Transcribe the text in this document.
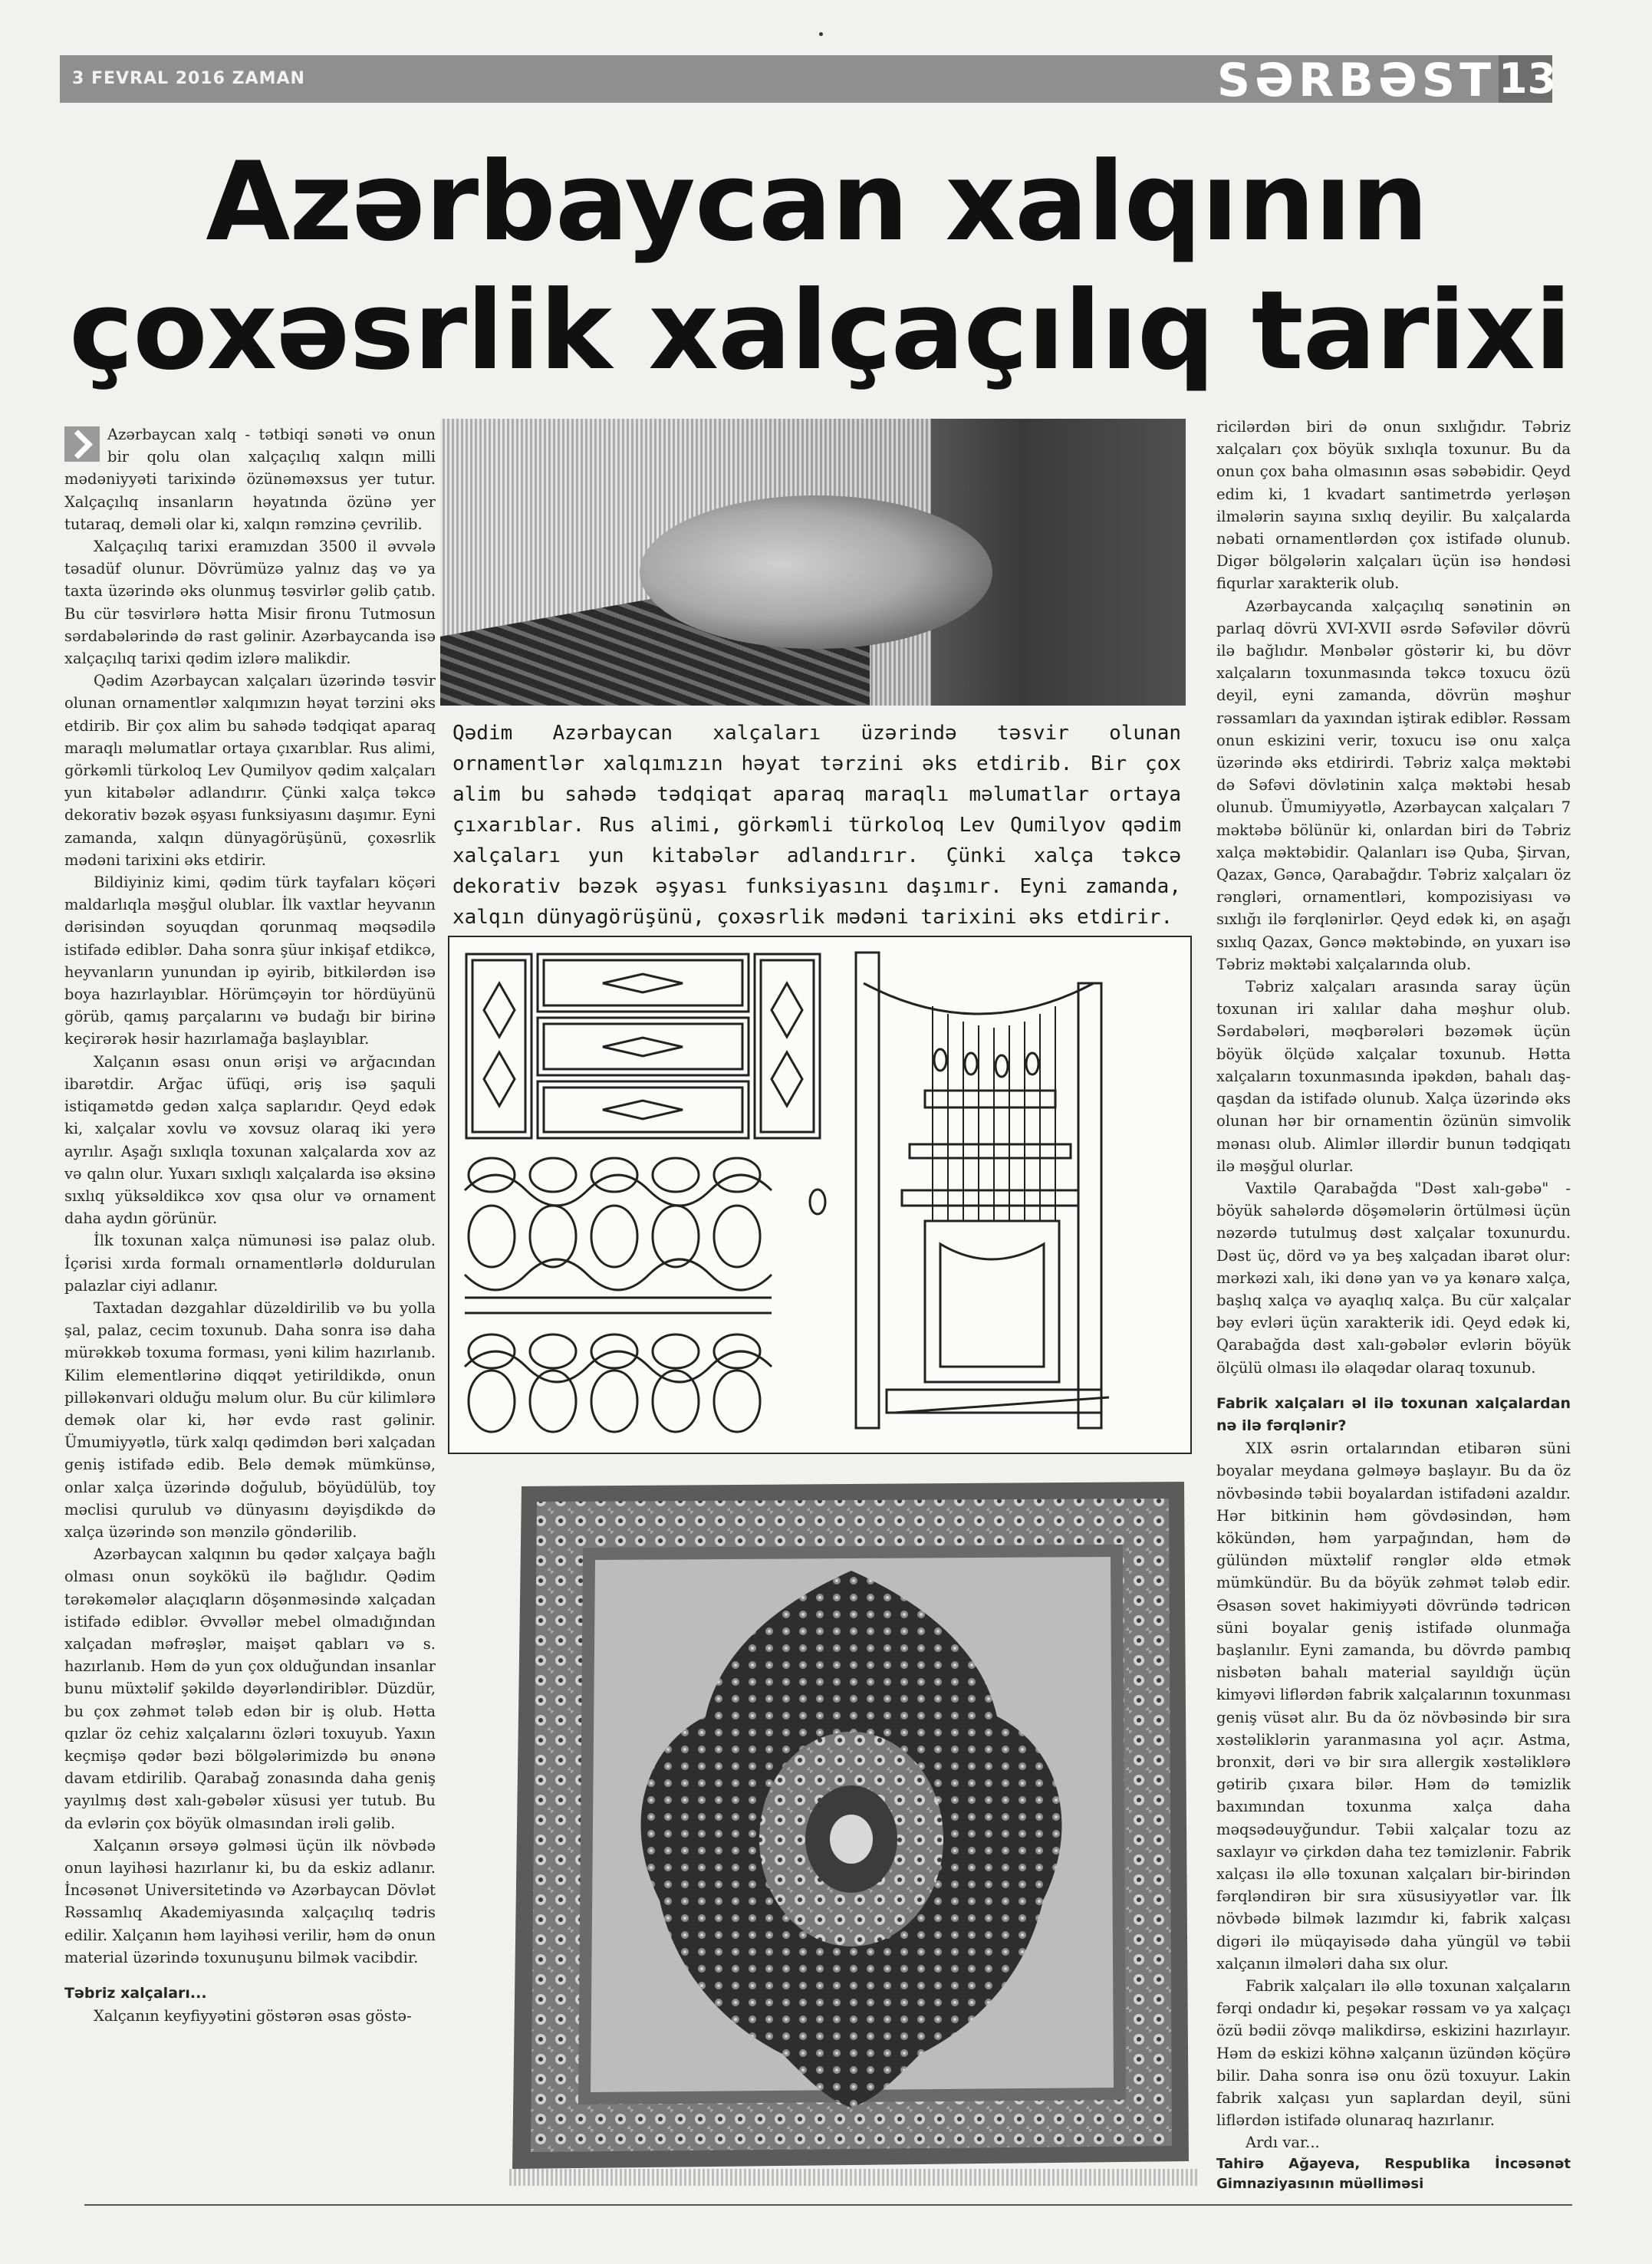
3 FEVRAL 2016 ZAMAN	SƏRBƏST 13
Azərbaycan xalqının
çoxəsrlik xalçaçılıq tarixi

Azərbaycan xalq - tətbiqi sənəti və onun bir qolu olan xalçaçılıq xalqın milli mədəniyyəti tarixində özünəməxsus yer tutur. Xalçaçılıq insanların həyatında özünə yer tutaraq, deməli olar ki, xalqın rəmzinə çevrilib.

Xalçaçılıq tarixi eramızdan 3500 il əvvələ təsadüf olunur. Dövrümüzə yalnız daş və ya taxta üzərində əks olunmuş təsvirlər gəlib çatıb. Bu cür təsvirlərə hətta Misir fironu Tutmosun sərdabələrində də rast gəlinir. Azərbaycanda isə xalçaçılıq tarixi qədim izlərə malikdir.

Qədim Azərbaycan xalçaları üzərində təsvir olunan ornamentlər xalqımızın həyat tərzini əks etdirib. Bir çox alim bu sahədə tədqiqat aparaq maraqlı məlumatlar ortaya çıxarıblar. Rus alimi, görkəmli türkoloq Lev Qumilyov qədim xalçaları yun kitabələr adlandırır. Çünki xalça təkcə dekorativ bəzək əşyası funksiyasını daşımır. Eyni zamanda, xalqın dünyagörüşünü, çoxəsrlik mədəni tarixini əks etdirir.

Bildiyiniz kimi, qədim türk tayfaları köçəri maldarlıqla məşğul olublar. İlk vaxtlar heyvanın dərisindən soyuqdan qorunmaq məqsədilə istifadə ediblər. Daha sonra şüur inkişaf etdikcə, heyvanların yunundan ip əyirib, bitkilərdən isə boya hazırlayıblar. Hörümçəyin tor hördüyünü görüb, qamış parçalarını və budağı bir birinə keçirərək həsir hazırlamağa başlayıblar.

Xalçanın əsası onun ərişi və arğacından ibarətdir. Arğac üfüqi, əriş isə şaquli istiqamətdə gedən xalça saplarıdır. Qeyd edək ki, xalçalar xovlu və xovsuz olaraq iki yerə ayrılır. Aşağı sıxlıqla toxunan xalçalarda xov az və qalın olur. Yuxarı sıxlıqlı xalçalarda isə əksinə sıxlıq yüksəldikcə xov qısa olur və ornament daha aydın görünür.

İlk toxunan xalça nümunəsi isə palaz olub. İçərisi xırda formalı ornamentlərlə doldurulan palazlar ciyi adlanır.

Taxtadan dəzgahlar düzəldirilib və bu yolla şal, palaz, cecim toxunub. Daha sonra isə daha mürəkkəb toxuma forması, yəni kilim hazırlanıb. Kilim elementlərinə diqqət yetirildikdə, onun pilləkənvari olduğu məlum olur. Bu cür kilimlərə demək olar ki, hər evdə rast gəlinir. Ümumiyyətlə, türk xalqı qədimdən bəri xalçadan geniş istifadə edib. Belə demək mümkünsə, onlar xalça üzərində doğulub, böyüdülüb, toy məclisi qurulub və dünyasını dəyişdikdə də xalça üzərində son mənzilə göndərilib.

Azərbaycan xalqının bu qədər xalçaya bağlı olması onun soykökü ilə bağlıdır. Qədim tərəkəmələr alaçıqların döşənməsində xalçadan istifadə ediblər. Əvvəllər mebel olmadığından xalçadan məfrəşlər, maişət qabları və s. hazırlanıb. Həm də yun çox olduğundan insanlar bunu müxtəlif şəkildə dəyərləndiriblər. Düzdür, bu çox zəhmət tələb edən bir iş olub. Hətta qızlar öz cehiz xalçalarını özləri toxuyub. Yaxın keçmişə qədər bəzi bölgələrimizdə bu ənənə davam etdirilib. Qarabağ zonasında daha geniş yayılmış dəst xalı-gəbələr xüsusi yer tutub. Bu da evlərin çox böyük olmasından irəli gəlib.

Xalçanın ərsəyə gəlməsi üçün ilk növbədə onun layihəsi hazırlanır ki, bu da eskiz adlanır. İncəsənət Universitetində və Azərbaycan Dövlət Rəssamlıq Akademiyasında xalçaçılıq tədris edilir. Xalçanın həm layihəsi verilir, həm də onun material üzərində toxunuşunu bilmək vacibdir.

Təbriz xalçaları...

Xalçanın keyfiyyətini göstərən əsas göstə-

Qədim Azərbaycan xalçaları üzərində təsvir olunan ornamentlər xalqımızın həyat tərzini əks etdirib. Bir çox alim bu sahədə tədqiqat aparaq maraqlı məlumatlar ortaya çıxarıblar. Rus alimi, görkəmli türkoloq Lev Qumilyov qədim xalçaları yun kitabələr adlandırır. Çünki xalça təkcə dekorativ bəzək əşyası funksiyasını daşımır. Eyni zamanda, xalqın dünyagörüşünü, çoxəsrlik mədəni tarixini əks etdirir.

ricilərdən biri də onun sıxlığıdır. Təbriz xalçaları çox böyük sıxlıqla toxunur. Bu da onun çox baha olmasının əsas səbəbidir. Qeyd edim ki, 1 kvadart santimetrdə yerləşən ilmələrin sayına sıxlıq deyilir. Bu xalçalarda nəbati ornamentlərdən çox istifadə olunub. Digər bölgələrin xalçaları üçün isə həndəsi fiqurlar xarakterik olub.

Azərbaycanda xalçaçılıq sənətinin ən parlaq dövrü XVI-XVII əsrdə Səfəvilər dövrü ilə bağlıdır. Mənbələr göstərir ki, bu dövr xalçaların toxunmasında təkcə toxucu özü deyil, eyni zamanda, dövrün məşhur rəssamları da yaxından iştirak ediblər. Rəssam onun eskizini verir, toxucu isə onu xalça üzərində əks etdirirdi. Təbriz xalça məktəbi də Səfəvi dövlətinin xalça məktəbi hesab olunub. Ümumiyyətlə, Azərbaycan xalçaları 7 məktəbə bölünür ki, onlardan biri də Təbriz xalça məktəbidir. Qalanları isə Quba, Şirvan, Qazax, Gəncə, Qarabağdır. Təbriz xalçaları öz rəngləri, ornamentləri, kompozisiyası və sıxlığı ilə fərqlənirlər. Qeyd edək ki, ən aşağı sıxlıq Qazax, Gəncə məktəbində, ən yuxarı isə Təbriz məktəbi xalçalarında olub.

Təbriz xalçaları arasında saray üçün toxunan iri xalılar daha məşhur olub. Sərdabələri, məqbərələri bəzəmək üçün böyük ölçüdə xalçalar toxunub. Hətta xalçaların toxunmasında ipəkdən, bahalı daş-qaşdan da istifadə olunub. Xalça üzərində əks olunan hər bir ornamentin özünün simvolik mənası olub. Alimlər illərdir bunun tədqiqatı ilə məşğul olurlar.

Vaxtilə Qarabağda "Dəst xalı-gəbə" - böyük sahələrdə döşəmələrin örtülməsi üçün nəzərdə tutulmuş dəst xalçalar toxunurdu. Dəst üç, dörd və ya beş xalçadan ibarət olur: mərkəzi xalı, iki dənə yan və ya kənarə xalça, başlıq xalça və ayaqlıq xalça. Bu cür xalçalar bəy evləri üçün xarakterik idi. Qeyd edək ki, Qarabağda dəst xalı-gəbələr evlərin böyük ölçülü olması ilə əlaqədar olaraq toxunub.

Fabrik xalçaları əl ilə toxunan xalçalardan nə ilə fərqlənir?

XIX əsrin ortalarından etibarən süni boyalar meydana gəlməyə başlayır. Bu da öz növbəsində təbii boyalardan istifadəni azaldır. Hər bitkinin həm gövdəsindən, həm kökündən, həm yarpağından, həm də gülündən müxtəlif rənglər əldə etmək mümkündür. Bu da böyük zəhmət tələb edir. Əsasən sovet hakimiyyəti dövründə tədricən süni boyalar geniş istifadə olunmağa başlanılır. Eyni zamanda, bu dövrdə pambıq nisbətən bahalı material sayıldığı üçün kimyəvi liflərdən fabrik xalçalarının toxunması geniş vüsət alır. Bu da öz növbəsində bir sıra xəstəliklərin yaranmasına yol açır. Astma, bronxit, dəri və bir sıra allergik xəstəliklərə gətirib çıxara bilər. Həm də təmizlik baxımından toxunma xalça daha məqsədəuyğundur. Təbii xalçalar tozu az saxlayır və çirkdən daha tez təmizlənir. Fabrik xalçası ilə əllə toxunan xalçaları bir-birindən fərqləndirən bir sıra xüsusiyyətlər var. İlk növbədə bilmək lazımdır ki, fabrik xalçası digəri ilə müqayisədə daha yüngül və təbii xalçanın ilmələri daha sıx olur.

Fabrik xalçaları ilə əllə toxunan xalçaların fərqi ondadır ki, peşəkar rəssam və ya xalçaçı özü bədii zövqə malikdirsə, eskizini hazırlayır. Həm də eskizi köhnə xalçanın üzündən köçürə bilir. Daha sonra isə onu özü toxuyur. Lakin fabrik xalçası yun saplardan deyil, süni liflərdən istifadə olunaraq hazırlanır.

Ardı var...

Tahirə Ağayeva, Respublika İncəsənət Gimnaziyasının müəlliməsi
